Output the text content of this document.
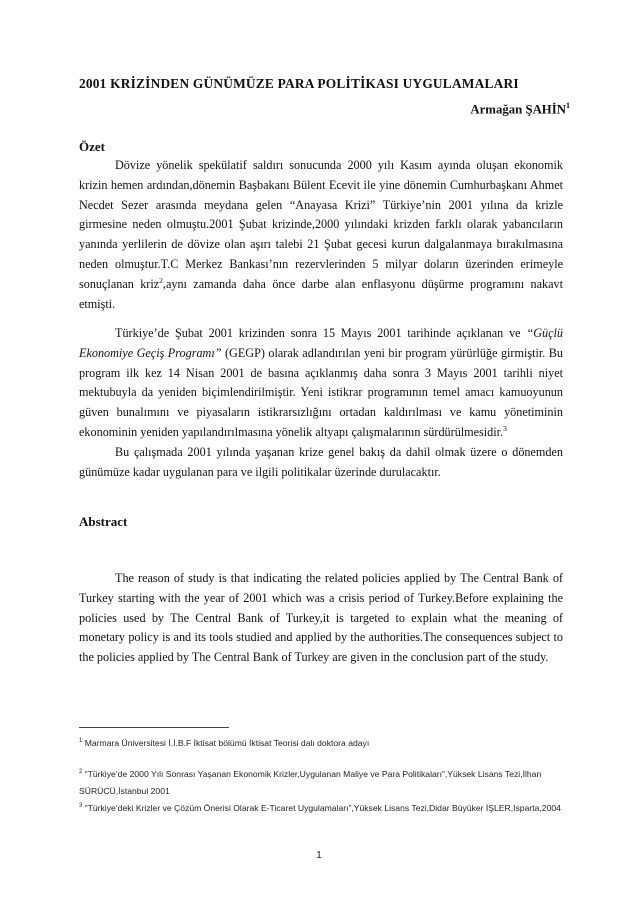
2001 KRİZİNDEN GÜNÜMÜZE PARA POLİTİKASI UYGULAMALARI
Armağan ŞAHİN$^1$
Özet

Dövize yönelik spekülatif saldırı sonucunda 2000 yılı Kasım ayında oluşan ekonomik krizin hemen ardından,dönemin Başbakanı Bülent Ecevit ile yine dönemin Cumhurbaşkanı Ahmet Necdet Sezer arasında meydana gelen “Anayasa Krizi” Türkiye’nin 2001 yılına da krizle girmesine neden olmuştu.2001 Şubat krizinde,2000 yılındaki krizden farklı olarak yabancıların yanında yerlilerin de dövize olan aşırı talebi 21 Şubat gecesi kurun dalgalanmaya bırakılmasına neden olmuştur.T.C Merkez Bankası’nın rezervlerinden 5 milyar doların üzerinden erimeyle sonuçlanan kriz$^2$,aynı zamanda daha önce darbe alan enflasyonu düşürme programını nakavt etmişti.

Türkiye’de Şubat 2001 krizinden sonra 15 Mayıs 2001 tarihinde açıklanan ve “Güçlü Ekonomiye Geçiş Programı” (GEGP) olarak adlandırılan yeni bir program yürürlüğe girmiştir. Bu program ilk kez 14 Nisan 2001 de basına açıklanmış daha sonra 3 Mayıs 2001 tarihli niyet mektubuyla da yeniden biçimlendirilmiştir. Yeni istikrar programının temel amacı kamuoyunun güven bunalımını ve piyasaların istikrarsızlığını ortadan kaldırılması ve kamu yönetiminin ekonominin yeniden yapılandırılmasına yönelik altyapı çalışmalarının sürdürülmesidir.$^3$

Bu çalışmada 2001 yılında yaşanan krize genel bakış da dahil olmak üzere o dönemden günümüze kadar uygulanan para ve ilgili politikalar üzerinde durulacaktır.

Abstract

The reason of study is that indicating the related policies applied by The Central Bank of Turkey starting with the year of 2001 which was a crisis period of Turkey.Before explaining the policies used by The Central Bank of Turkey,it is targeted to explain what the meaning of monetary policy is and its tools studied and applied by the authorities.The consequences subject to the policies applied by The Central Bank of Turkey are given in the conclusion part of the study.

$^1$ Marmara Üniversitesi İ.İ.B.F İktisat bölümü İktisat Teorisi dalı doktora adayı
$^2$ “Türkiye’de 2000 Yılı Sonrası Yaşanan Ekonomik Krizler,Uygulanan Maliye ve Para Politikaları”,Yüksek Lisans Tezi,İlhan SÜRÜCÜ,İstanbul 2001
$^3$ “Türkiye’deki Krizler ve Çözüm Önerisi Olarak E-Ticaret Uygulamaları”,Yüksek Lisans Tezi,Didar Büyüker İŞLER,Isparta,2004
1
